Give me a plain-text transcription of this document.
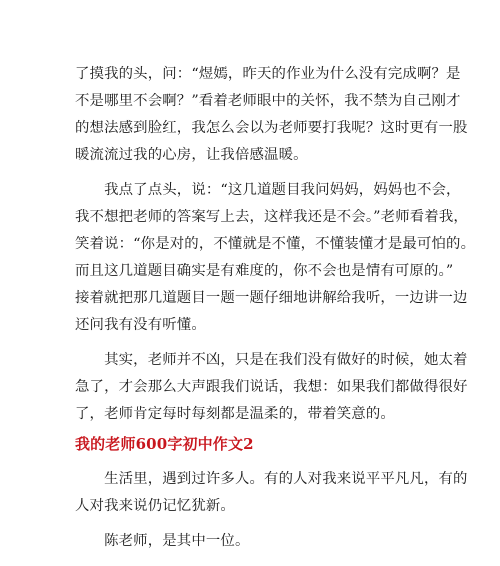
了摸我的头，问：“煜嫣，昨天的作业为什么没有完成啊？是
不是哪里不会啊？”看着老师眼中的关怀，我不禁为自己刚才
的想法感到脸红，我怎么会以为老师要打我呢？这时更有一股
暖流流过我的心房，让我倍感温暖。
　　我点了点头，说：“这几道题目我问妈妈，妈妈也不会，
我不想把老师的答案写上去，这样我还是不会。”老师看着我，
笑着说：“你是对的，不懂就是不懂，不懂装懂才是最可怕的。
而且这几道题目确实是有难度的，你不会也是情有可原的。”
接着就把那几道题目一题一题仔细地讲解给我听，一边讲一边
还问我有没有听懂。
　　其实，老师并不凶，只是在我们没有做好的时候，她太着
急了，才会那么大声跟我们说话，我想：如果我们都做得很好
了，老师肯定每时每刻都是温柔的，带着笑意的。
我的老师600字初中作文2
　　生活里，遇到过许多人。有的人对我来说平平凡凡，有的
人对我来说仍记忆犹新。
　　陈老师，是其中一位。
